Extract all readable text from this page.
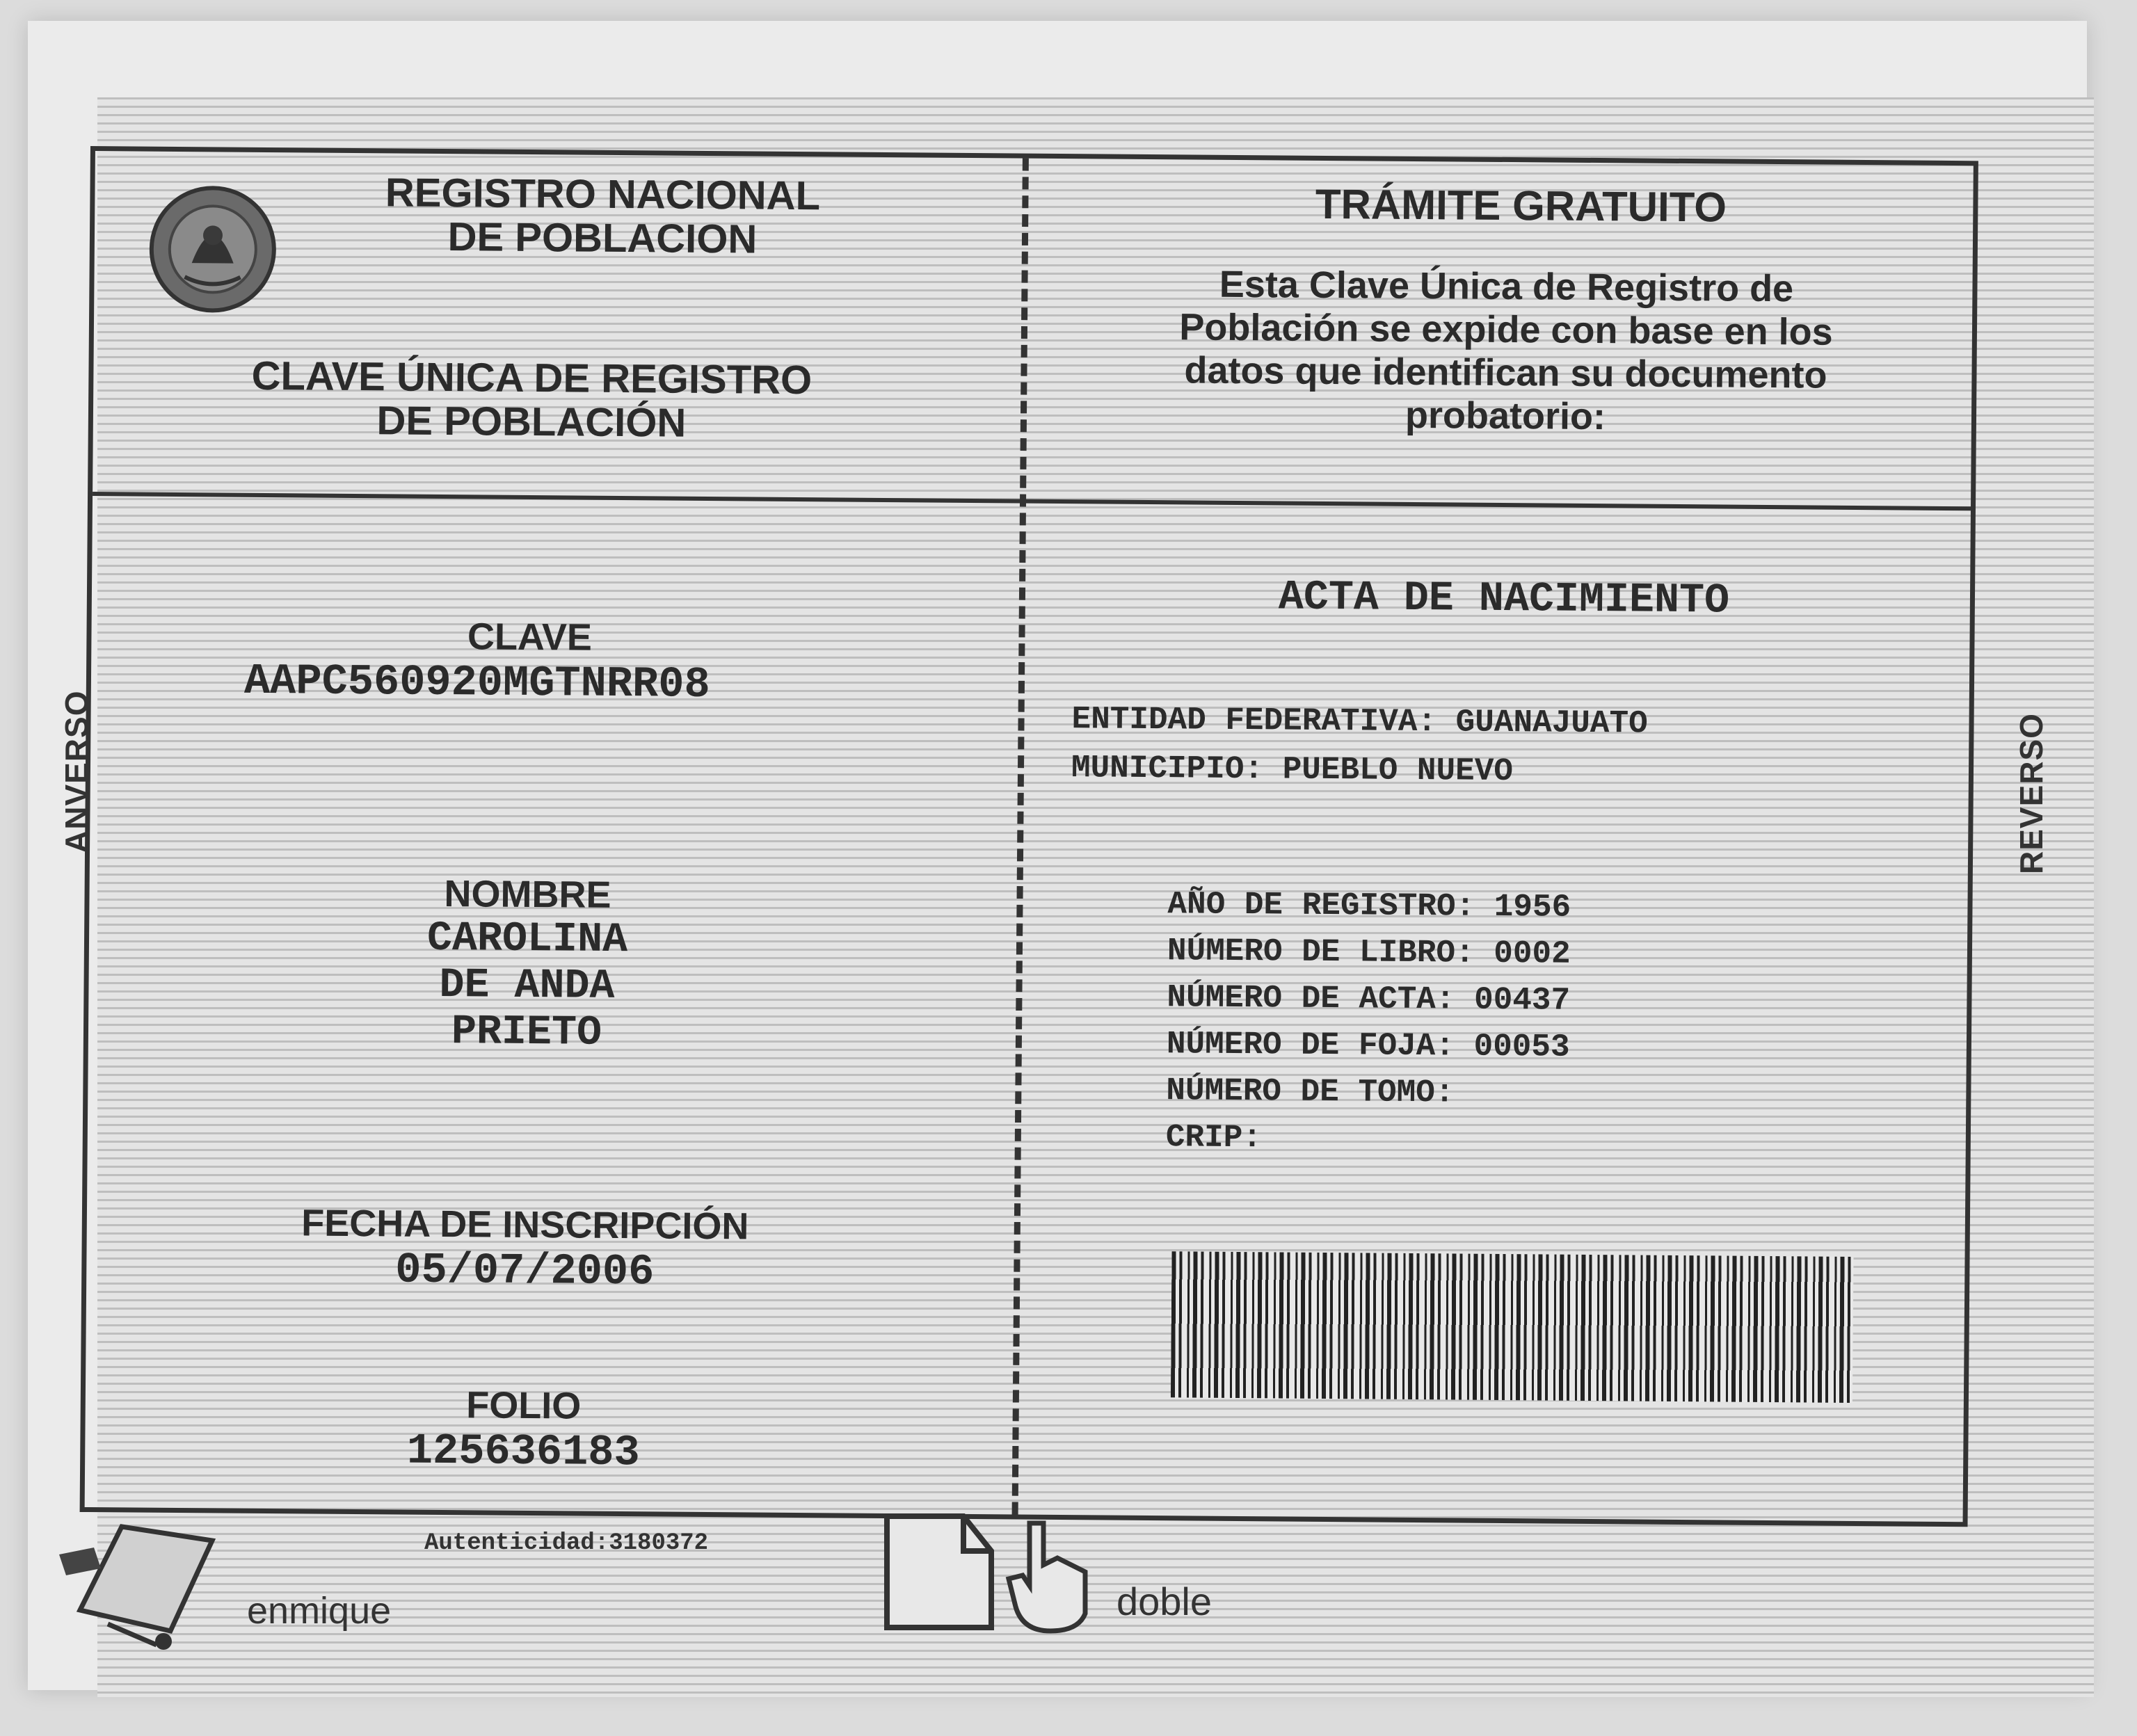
REGISTRO NACIONAL
DE POBLACION
CLAVE ÚNICA DE REGISTRO
DE POBLACIÓN
TRÁMITE GRATUITO
Esta Clave Única de Registro de
Población se expide con base en los
datos que identifican su documento
probatorio:
CLAVE
AAPC560920MGTNRR08
NOMBRE
CAROLINA
DE ANDA
PRIETO
FECHA DE INSCRIPCIÓN
05/07/2006
FOLIO
125636183
ACTA DE NACIMIENTO
ENTIDAD FEDERATIVA: GUANAJUATO
MUNICIPIO: PUEBLO NUEVO
AÑO DE REGISTRO: 1956
NÚMERO DE LIBRO: 0002
NÚMERO DE ACTA: 00437
NÚMERO DE FOJA: 00053
NÚMERO DE TOMO:
CRIP:
ANVERSO	REVERSO
Autenticidad:3180372
enmique	doble
